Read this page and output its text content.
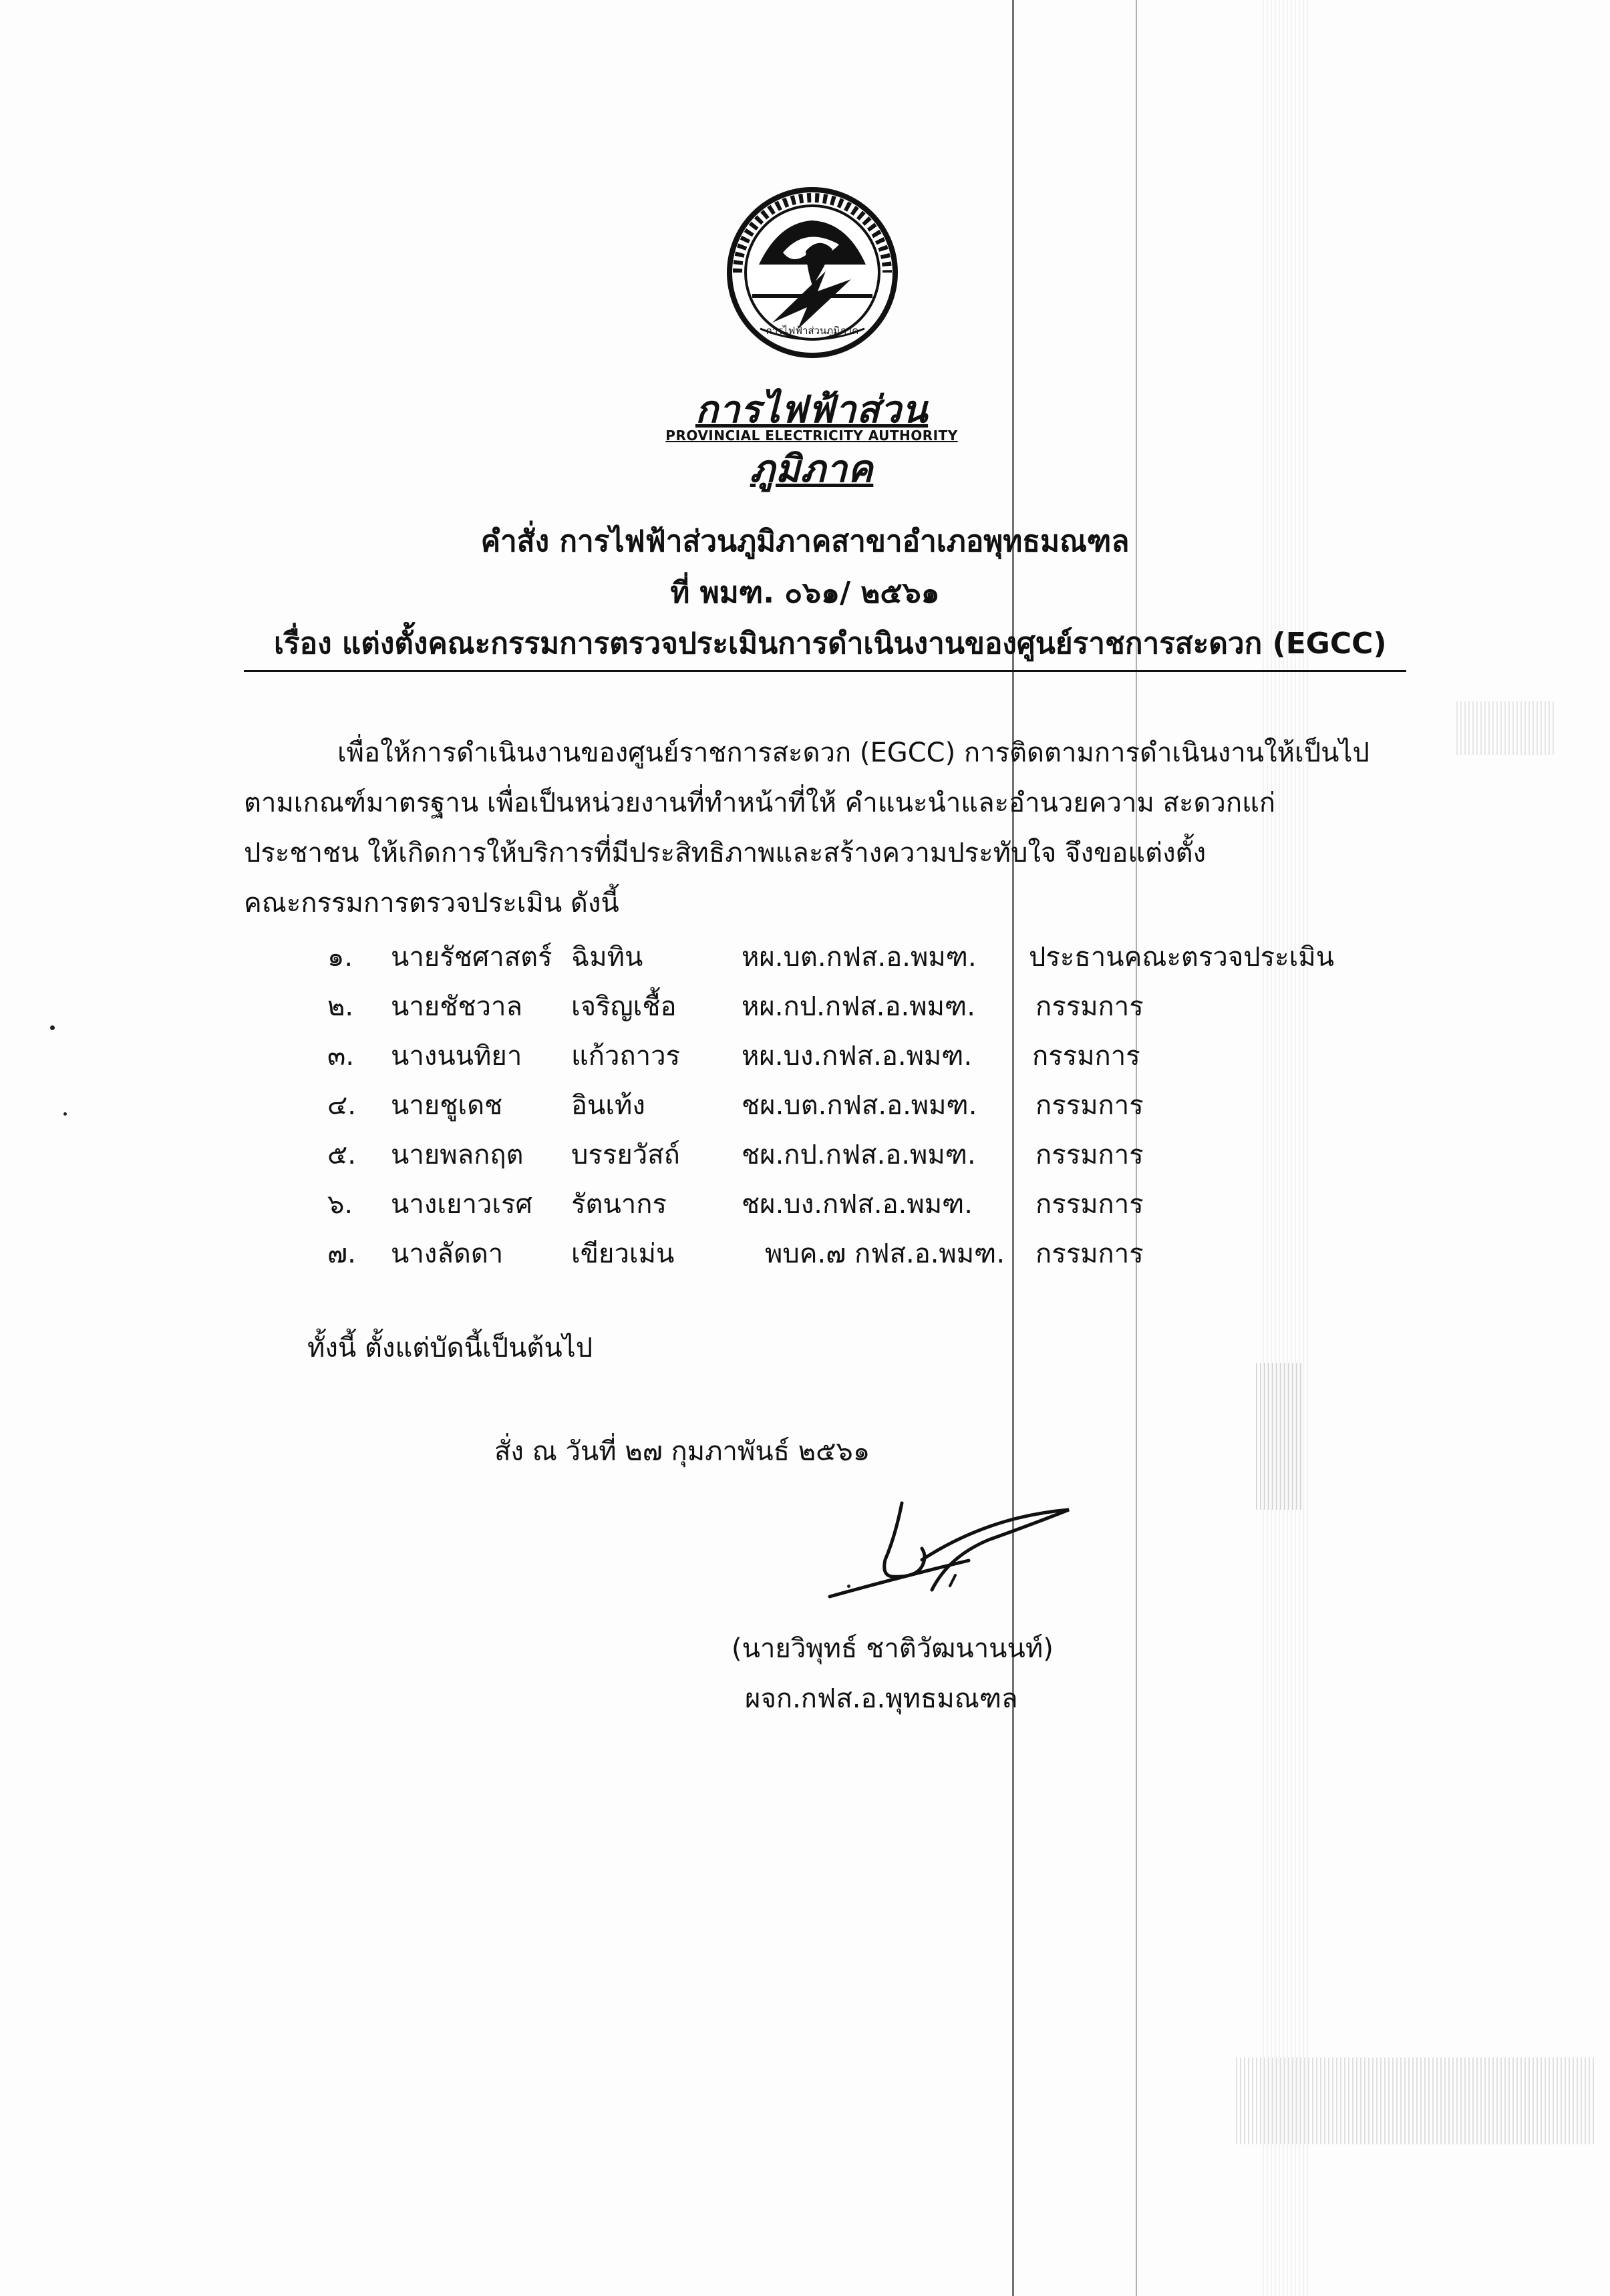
การไฟฟ้าส่วนภูมิภาค
การไฟฟ้าส่วนภูมิภาค
PROVINCIAL ELECTRICITY AUTHORITY
คำสั่ง การไฟฟ้าส่วนภูมิภาคสาขาอำเภอพุทธมณฑล
ที่ พมฑ. ๐๖๑/ ๒๕๖๑
เรื่อง แต่งตั้งคณะกรรมการตรวจประเมินการดำเนินงานของศูนย์ราชการสะดวก (EGCC)

เพื่อให้การดำเนินงานของศูนย์ราชการสะดวก (EGCC) การติดตามการดำเนินงานให้เป็นไป

ตามเกณฑ์มาตรฐาน เพื่อเป็นหน่วยงานที่ทำหน้าที่ให้ คำแนะนำและอำนวยความ สะดวกแก่

ประชาชน ให้เกิดการให้บริการที่มีประสิทธิภาพและสร้างความประทับใจ จึงขอแต่งตั้ง

คณะกรรมการตรวจประเมิน ดังนี้

๑. นายรัชศาสตร์ ฉิมทิน	หผ.บต.กฟส.อ.พมฑ. ประธานคณะตรวจประเมิน
๒. นายชัชวาล เจริญเชื้อ หผ.กป.กฟส.อ.พมฑ. กรรมการ
๓. นางนนทิยา แก้วถาวร หผ.บง.กฟส.อ.พมฑ. กรรมการ
๔. นายชูเดช	อินเท้ง	ชผ.บต.กฟส.อ.พมฑ. กรรมการ
๕. นายพลกฤต บรรยวัสถ์ ชผ.กป.กฟส.อ.พมฑ. กรรมการ
๖. นางเยาวเรศ รัตนากร	ชผ.บง.กฟส.อ.พมฑ. กรรมการ
๗. นางลัดดา	เขียวเม่น	พบค.๗ กฟส.อ.พมฑ. กรรมการ
ทั้งนี้ ตั้งแต่บัดนี้เป็นต้นไป
สั่ง ณ วันที่ ๒๗ กุมภาพันธ์ ๒๕๖๑
(นายวิพุทธ์ ชาติวัฒนานนท์)
ผจก.กฟส.อ.พุทธมณฑล
